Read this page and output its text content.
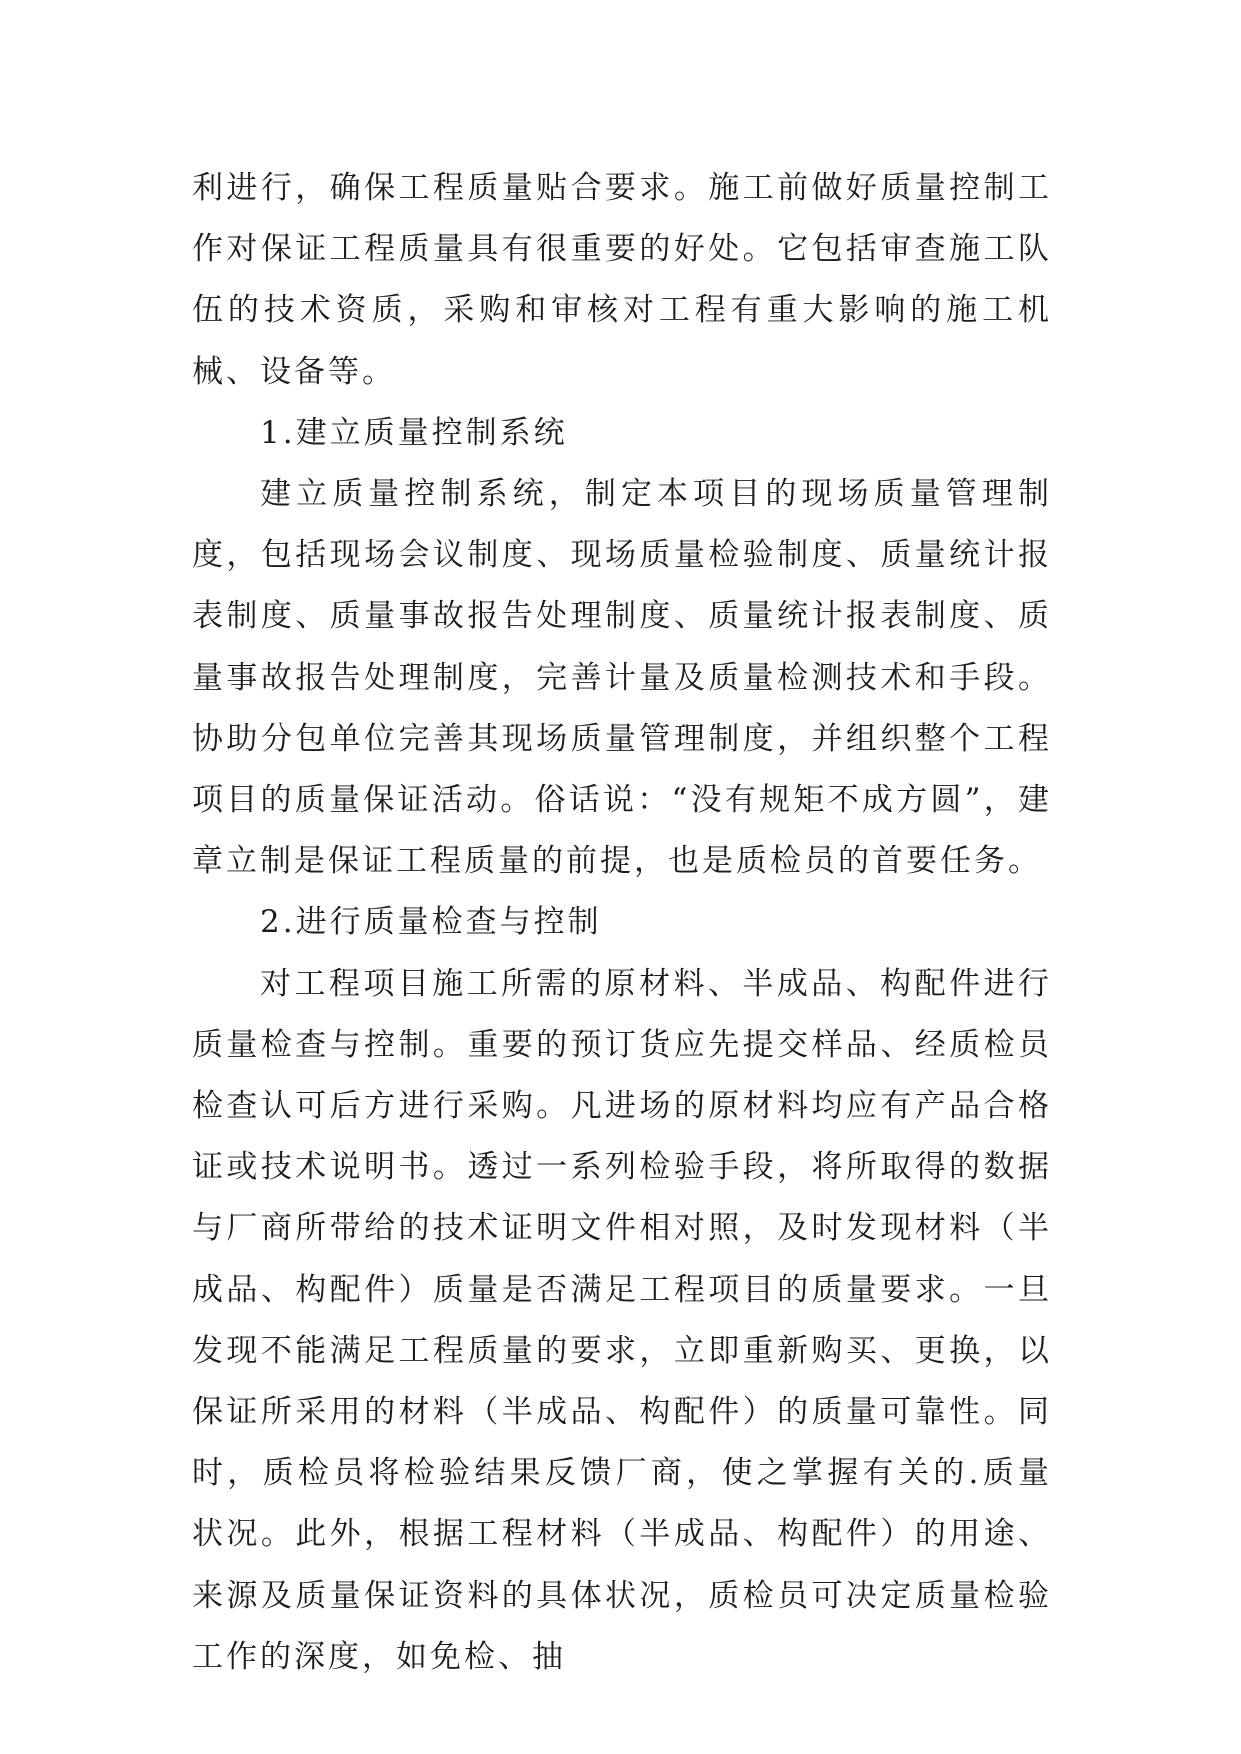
利进行，确保工程质量贴合要求。施工前做好质量控制工作对保证工程质量具有很重要的好处。它包括审查施工队伍的技术资质，采购和审核对工程有重大影响的施工机械、设备等。

1.建立质量控制系统

建立质量控制系统，制定本项目的现场质量管理制度，包括现场会议制度、现场质量检验制度、质量统计报表制度、质量事故报告处理制度、质量统计报表制度、质量事故报告处理制度，完善计量及质量检测技术和手段。协助分包单位完善其现场质量管理制度，并组织整个工程项目的质量保证活动。俗话说：“没有规矩不成方圆”，建章立制是保证工程质量的前提，也是质检员的首要任务。

2.进行质量检查与控制

对工程项目施工所需的原材料、半成品、构配件进行质量检查与控制。重要的预订货应先提交样品、经质检员检查认可后方进行采购。凡进场的原材料均应有产品合格证或技术说明书。透过一系列检验手段，将所取得的数据与厂商所带给的技术证明文件相对照，及时发现材料（半成品、构配件）质量是否满足工程项目的质量要求。一旦发现不能满足工程质量的要求，立即重新购买、更换，以保证所采用的材料（半成品、构配件）的质量可靠性。同时，质检员将检验结果反馈厂商，使之掌握有关的.质量状况。此外，根据工程材料（半成品、构配件）的用途、来源及质量保证资料的具体状况，质检员可决定质量检验工作的深度，如免检、抽
